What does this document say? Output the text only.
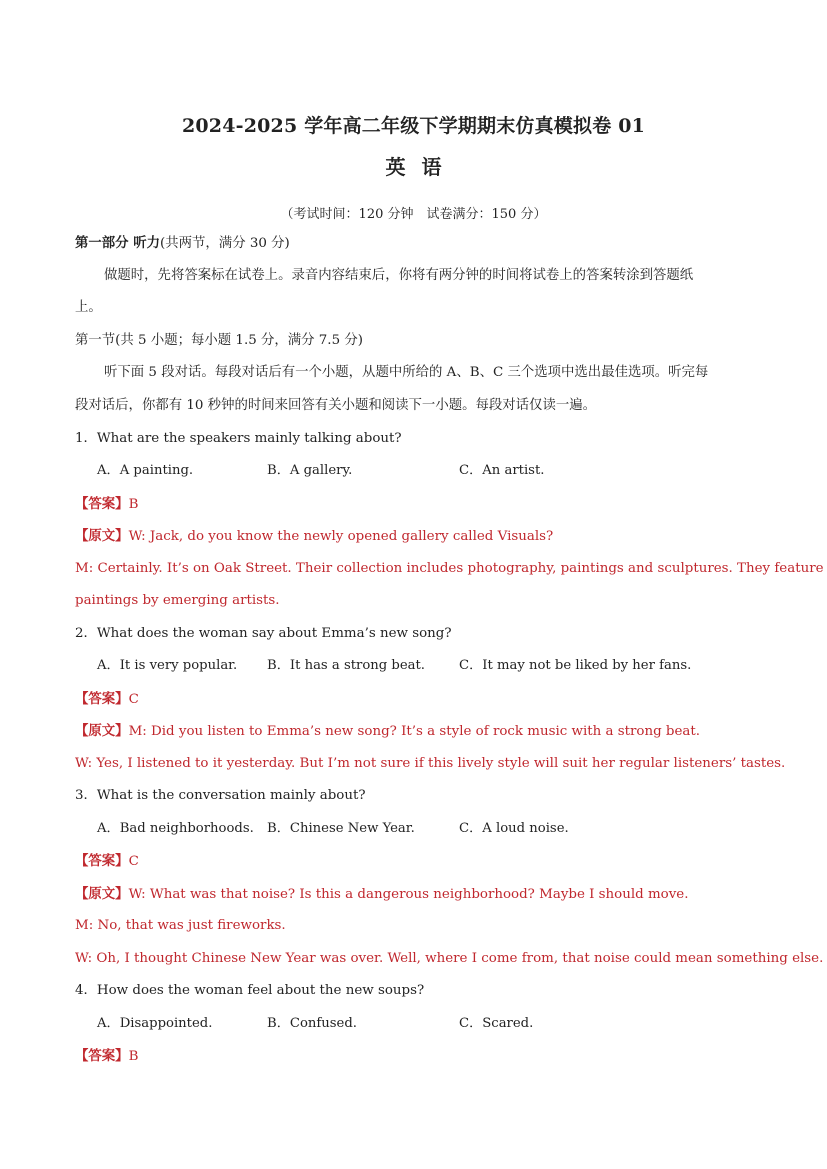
2024-2025 学年高二年级下学期期末仿真模拟卷 01
英语
（考试时间：120 分钟　试卷满分：150 分）
第一部分 听力(共两节，满分 30 分)
做题时，先将答案标在试卷上。录音内容结束后，你将有两分钟的时间将试卷上的答案转涂到答题纸
上。
第一节(共 5 小题；每小题 1.5 分，满分 7.5 分)
听下面 5 段对话。每段对话后有一个小题，从题中所给的 A、B、C 三个选项中选出最佳选项。听完每
段对话后，你都有 10 秒钟的时间来回答有关小题和阅读下一小题。每段对话仅读一遍。
1．What are the speakers mainly talking about?
A．A painting.	B．A gallery.	C．An artist.
【答案】B
【原文】W: Jack, do you know the newly opened gallery called Visuals?
M: Certainly. It’s on Oak Street. Their collection includes photography, paintings and sculptures. They feature
paintings by emerging artists.
2．What does the woman say about Emma’s new song?
A．It is very popular. B．It has a strong beat.	C．It may not be liked by her fans.
【答案】C
【原文】M: Did you listen to Emma’s new song? It’s a style of rock music with a strong beat.
W: Yes, I listened to it yesterday. But I’m not sure if this lively style will suit her regular listeners’ tastes.
3．What is the conversation mainly about?
A．Bad neighborhoods. B．Chinese New Year.	C．A loud noise.
【答案】C
【原文】W: What was that noise? Is this a dangerous neighborhood? Maybe I should move.
M: No, that was just fireworks.
W: Oh, I thought Chinese New Year was over. Well, where I come from, that noise could mean something else.
4．How does the woman feel about the new soups?
A．Disappointed.	B．Confused.	C．Scared.
【答案】B
